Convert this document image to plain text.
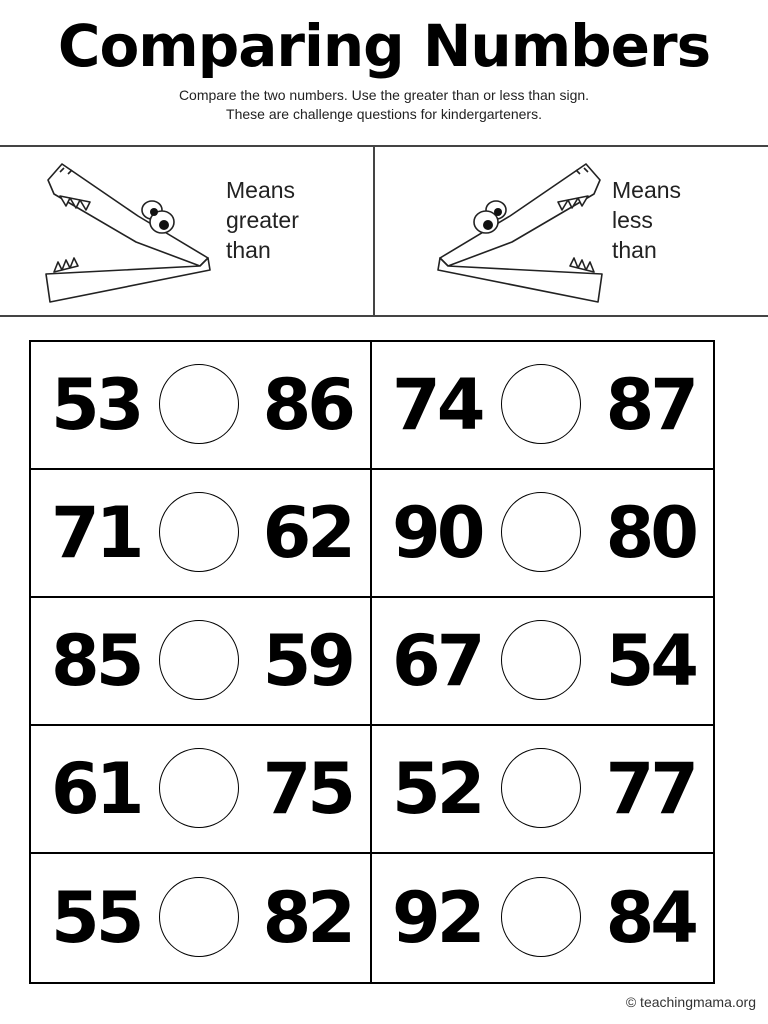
Comparing Numbers
Compare the two numbers. Use the greater than or less than sign.
These are challenge questions for kindergarteners.
Means
greater
than
Means
less
than
53 86 74 87
71 62 90 80
85 59 67 54
61 75 52 77
55 82 92 84
© teachingmama.org
